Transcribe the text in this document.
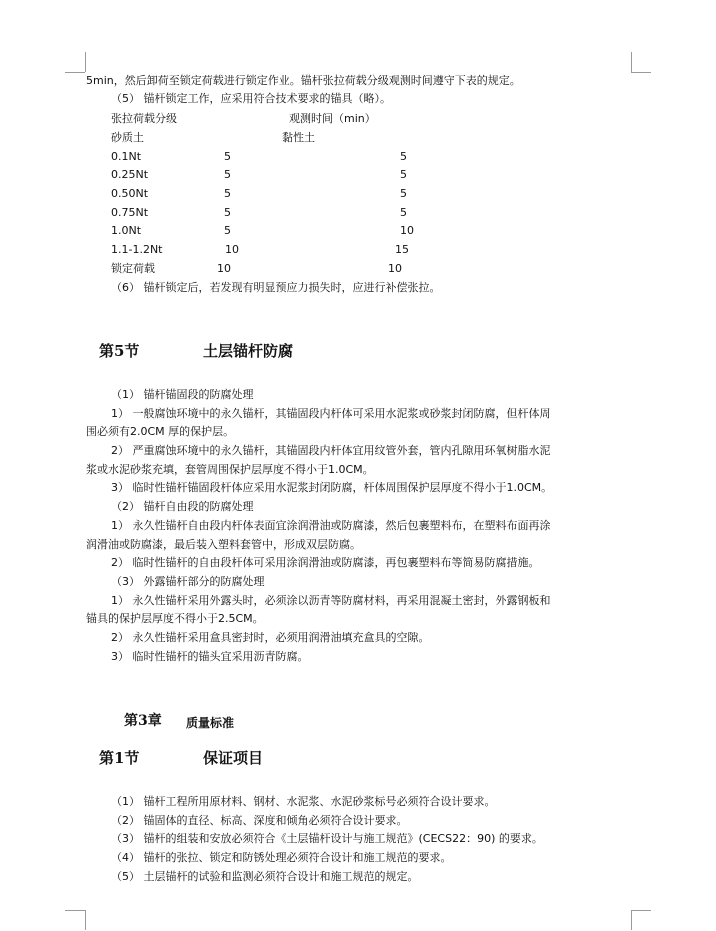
5min，然后卸荷至锁定荷载进行锁定作业。锚杆张拉荷载分级观测时间遵守下表的规定。
（5） 锚杆锁定工作，应采用符合技术要求的锚具（略）。
张拉荷载分级	观测时间（min）
砂质土	黏性土
0.1Nt	5	5
0.25Nt	5	5
0.50Nt	5	5
0.75Nt	5	5
1.0Nt	5	10
1.1-1.2Nt	10	15
锁定荷载	10	10
（6） 锚杆锁定后，若发现有明显预应力损失时，应进行补偿张拉。
第5节	土层锚杆防腐
（1） 锚杆锚固段的防腐处理
1） 一般腐蚀环境中的永久锚杆，其锚固段内杆体可采用水泥浆或砂浆封闭防腐，但杆体周
围必须有2.0CM 厚的保护层。
2） 严重腐蚀环境中的永久锚杆，其锚固段内杆体宜用纹管外套，管内孔隙用环氧树脂水泥
浆或水泥砂浆充填，套管周围保护层厚度不得小于1.0CM。
3） 临时性锚杆锚固段杆体应采用水泥浆封闭防腐，杆体周围保护层厚度不得小于1.0CM。
（2） 锚杆自由段的防腐处理
1） 永久性锚杆自由段内杆体表面宜涂润滑油或防腐漆，然后包裹塑料布，在塑料布面再涂
润滑油或防腐漆，最后装入塑料套管中，形成双层防腐。
2） 临时性锚杆的自由段杆体可采用涂润滑油或防腐漆，再包裹塑料布等简易防腐措施。
（3） 外露锚杆部分的防腐处理
1） 永久性锚杆采用外露头时，必须涂以沥青等防腐材料，再采用混凝土密封，外露钢板和
锚具的保护层厚度不得小于2.5CM。
2） 永久性锚杆采用盒具密封时，必须用润滑油填充盒具的空隙。
3） 临时性锚杆的锚头宜采用沥青防腐。
第3章 质量标准
第1节	保证项目
（1） 锚杆工程所用原材料、钢材、水泥浆、水泥砂浆标号必须符合设计要求。
（2） 锚固体的直径、标高、深度和倾角必须符合设计要求。
（3） 锚杆的组装和安放必须符合《土层锚杆设计与施工规范》(CECS22：90) 的要求。
（4） 锚杆的张拉、锁定和防锈处理必须符合设计和施工规范的要求。
（5） 土层锚杆的试验和监测必须符合设计和施工规范的规定。
